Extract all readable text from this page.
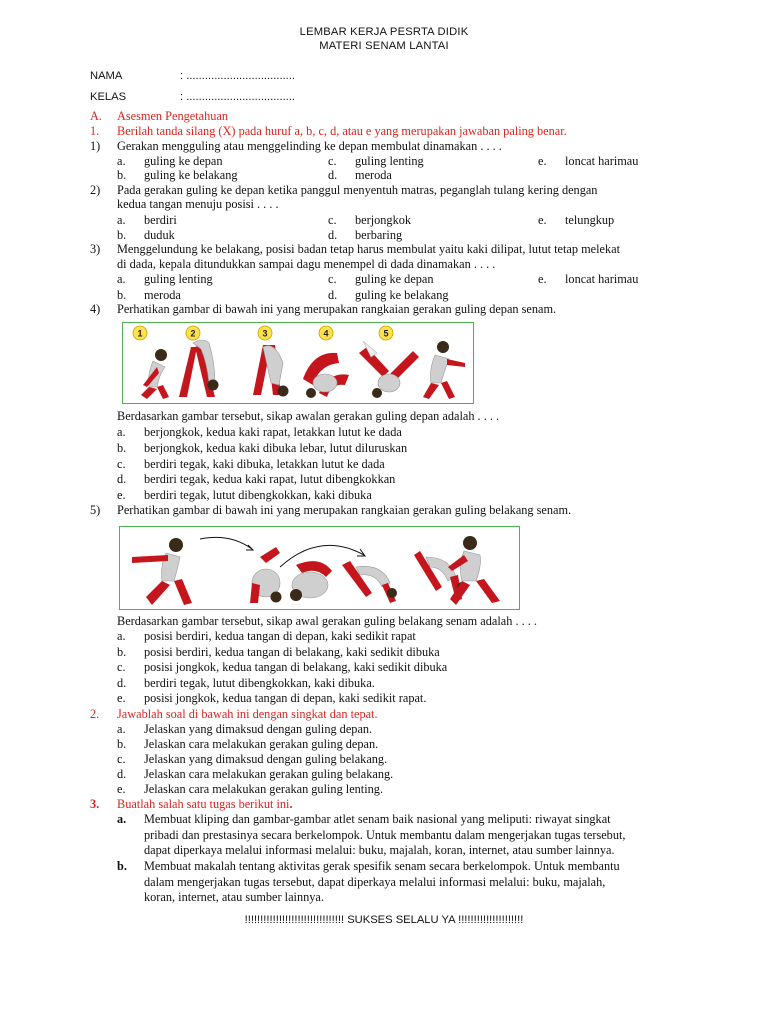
LEMBAR KERJA PESRTA DIDIK
MATERI SENAM LANTAI
NAMA	: ...................................
KELAS	: ...................................
A. Asesmen Pengetahuan
1. Berilah tanda silang (X) pada huruf a, b, c, d, atau e yang merupakan jawaban paling benar.
1) Gerakan mengguling atau menggelinding ke depan membulat dinamakan . . . .
a. guling ke depan
b. guling ke belakang
c. guling lenting
d. meroda
e. loncat harimau
2) Pada gerakan guling ke depan ketika panggul menyentuh matras, peganglah tulang kering dengan
kedua tangan menuju posisi . . . .
a. berdiri
b. duduk
c. berjongkok
d. berbaring
e. telungkup
3) Menggelundung ke belakang, posisi badan tetap harus membulat yaitu kaki dilipat, lutut tetap melekat
di dada, kepala ditundukkan sampai dagu menempel di dada dinamakan . . . .
a. guling lenting
b. meroda
c. guling ke depan
d. guling ke belakang
e. loncat harimau
4) Perhatikan gambar di bawah ini yang merupakan rangkaian gerakan guling depan senam.
1	2	3	4	5
Berdasarkan gambar tersebut, sikap awalan gerakan guling depan adalah . . . .
a. berjongkok, kedua kaki rapat, letakkan lutut ke dada
b. berjongkok, kedua kaki dibuka lebar, lutut diluruskan
c. berdiri tegak, kaki dibuka, letakkan lutut ke dada
d. berdiri tegak, kedua kaki rapat, lutut dibengkokkan
e. berdiri tegak, lutut dibengkokkan, kaki dibuka
5) Perhatikan gambar di bawah ini yang merupakan rangkaian gerakan guling belakang senam.
Berdasarkan gambar tersebut, sikap awal gerakan guling belakang senam adalah . . . .
a. posisi berdiri, kedua tangan di depan, kaki sedikit rapat
b. posisi berdiri, kedua tangan di belakang, kaki sedikit dibuka
c. posisi jongkok, kedua tangan di belakang, kaki sedikit dibuka
d. berdiri tegak, lutut dibengkokkan, kaki dibuka.
e. posisi jongkok, kedua tangan di depan, kaki sedikit rapat.
2. Jawablah soal di bawah ini dengan singkat dan tepat.
a. Jelaskan yang dimaksud dengan guling depan.
b. Jelaskan cara melakukan gerakan guling depan.
c. Jelaskan yang dimaksud dengan guling belakang.
d. Jelaskan cara melakukan gerakan guling belakang.
e. Jelaskan cara melakukan gerakan guling lenting.
3. Buatlah salah satu tugas berikut ini.
a. Membuat kliping dan gambar-gambar atlet senam baik nasional yang meliputi: riwayat singkat
pribadi dan prestasinya secara berkelompok. Untuk membantu dalam mengerjakan tugas tersebut,
dapat diperkaya melalui informasi melalui: buku, majalah, koran, internet, atau sumber lainnya.
b. Membuat makalah tentang aktivitas gerak spesifik senam secara berkelompok. Untuk membantu
dalam mengerjakan tugas tersebut, dapat diperkaya melalui informasi melalui: buku, majalah,
koran, internet, atau sumber lainnya.
!!!!!!!!!!!!!!!!!!!!!!!!!!!!!!!! SUKSES SELALU YA !!!!!!!!!!!!!!!!!!!!!
